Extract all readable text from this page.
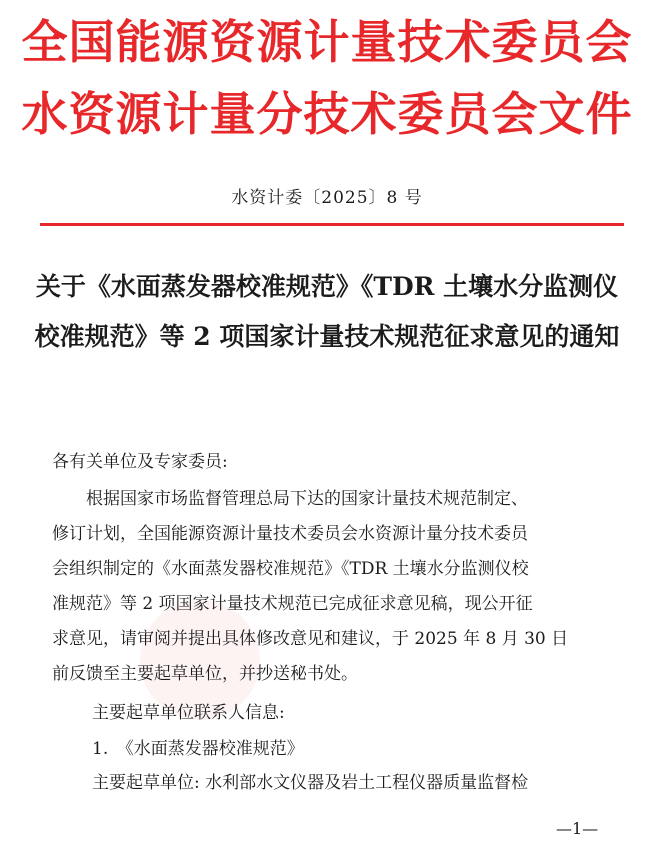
全国能源资源计量技术委员会
水资源计量分技术委员会文件
水资计委〔2025〕8 号
关于《水面蒸发器校准规范》《TDR 土壤水分监测仪校准规范》等 2 项国家计量技术规范征求意见的通知
各有关单位及专家委员:
　　根据国家市场监督管理总局下达的国家计量技术规范制定、
修订计划，全国能源资源计量技术委员会水资源计量分技术委员
会组织制定的《水面蒸发器校准规范》《TDR 土壤水分监测仪校
准规范》等 2 项国家计量技术规范已完成征求意见稿，现公开征
求意见，请审阅并提出具体修改意见和建议，于 2025 年 8 月 30 日
前反馈至主要起草单位，并抄送秘书处。
主要起草单位联系人信息:
1.　《水面蒸发器校准规范》
主要起草单位: 水利部水文仪器及岩土工程仪器质量监督检
—1—
